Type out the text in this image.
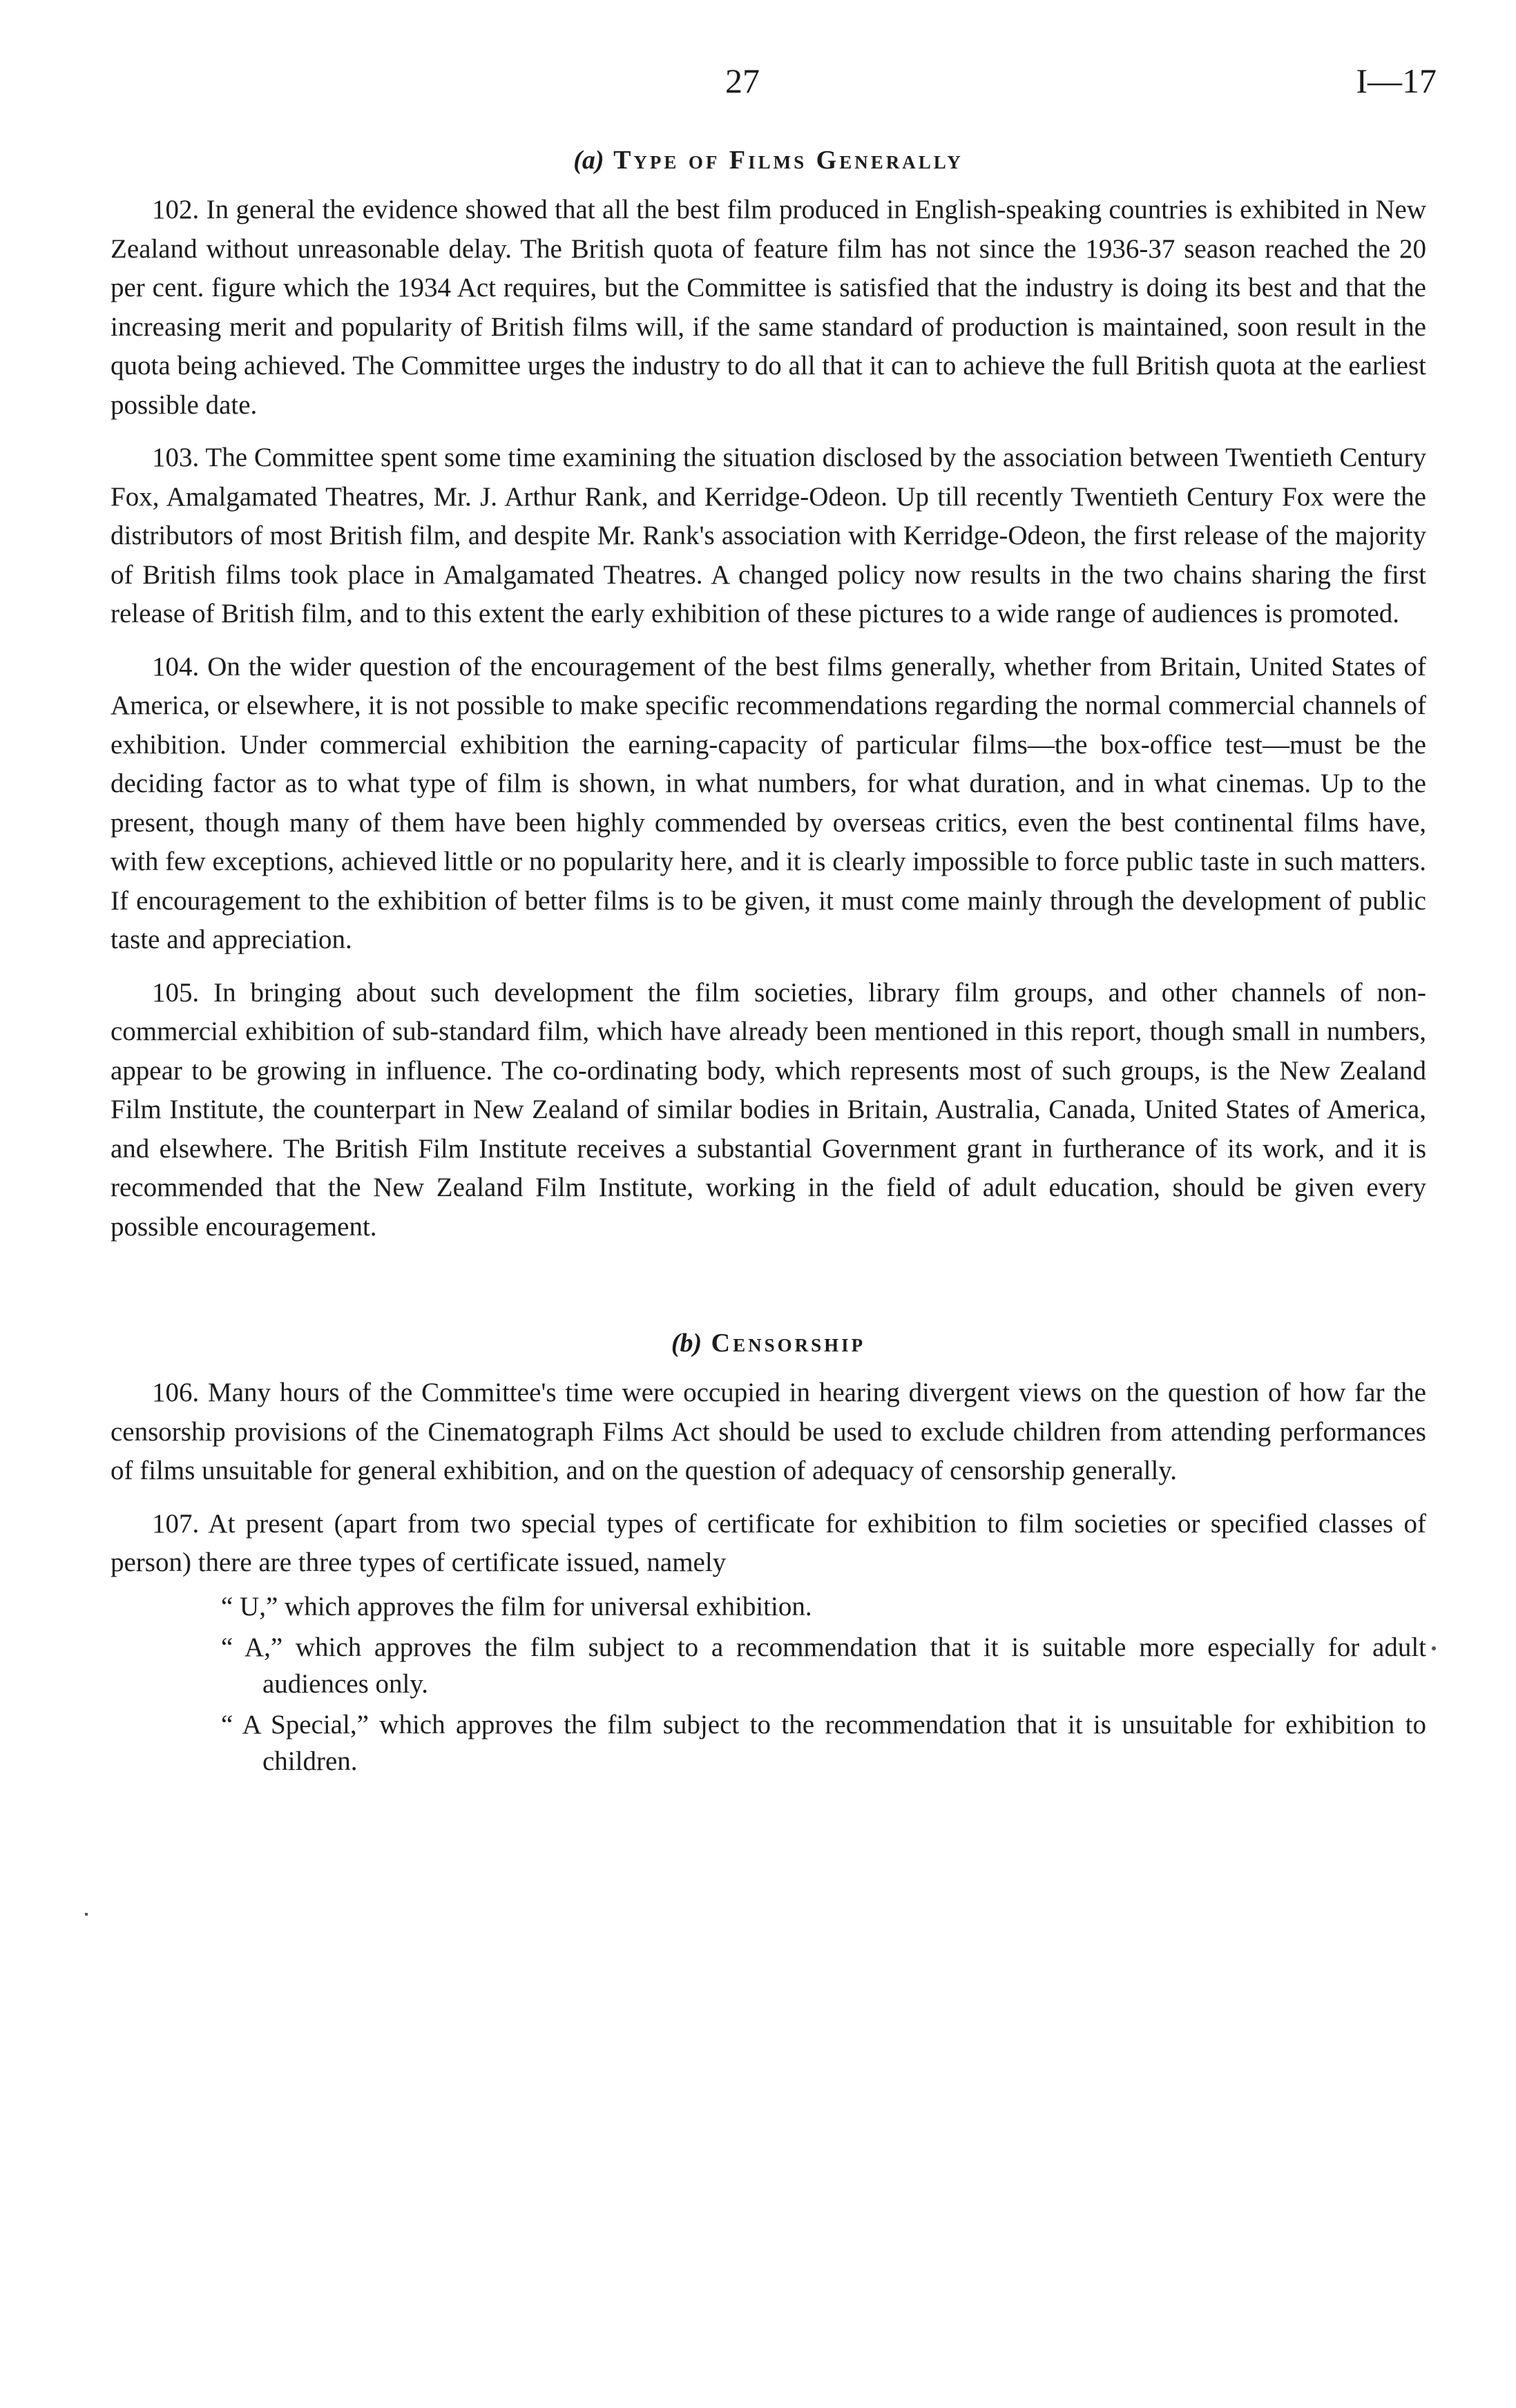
27	I—17
(a) Type of Films Generally

102. In general the evidence showed that all the best film produced in English-speaking countries is exhibited in New Zealand without unreasonable delay. The British quota of feature film has not since the 1936-37 season reached the 20 per cent. figure which the 1934 Act requires, but the Committee is satisfied that the industry is doing its best and that the increasing merit and popularity of British films will, if the same standard of production is maintained, soon result in the quota being achieved. The Committee urges the industry to do all that it can to achieve the full British quota at the earliest possible date.

103. The Committee spent some time examining the situation disclosed by the association between Twentieth Century Fox, Amalgamated Theatres, Mr. J. Arthur Rank, and Kerridge-Odeon. Up till recently Twentieth Century Fox were the distributors of most British film, and despite Mr. Rank's association with Kerridge-Odeon, the first release of the majority of British films took place in Amalgamated Theatres. A changed policy now results in the two chains sharing the first release of British film, and to this extent the early exhibition of these pictures to a wide range of audiences is promoted.

104. On the wider question of the encouragement of the best films generally, whether from Britain, United States of America, or elsewhere, it is not possible to make specific recommendations regarding the normal commercial channels of exhibition. Under commercial exhibition the earning-capacity of particular films—the box-office test—must be the deciding factor as to what type of film is shown, in what numbers, for what duration, and in what cinemas. Up to the present, though many of them have been highly commended by overseas critics, even the best continental films have, with few exceptions, achieved little or no popularity here, and it is clearly impossible to force public taste in such matters. If encouragement to the exhibition of better films is to be given, it must come mainly through the development of public taste and appreciation.

105. In bringing about such development the film societies, library film groups, and other channels of non-commercial exhibition of sub-standard film, which have already been mentioned in this report, though small in numbers, appear to be growing in influence. The co-ordinating body, which represents most of such groups, is the New Zealand Film Institute, the counterpart in New Zealand of similar bodies in Britain, Australia, Canada, United States of America, and elsewhere. The British Film Institute receives a substantial Government grant in furtherance of its work, and it is recommended that the New Zealand Film Institute, working in the field of adult education, should be given every possible encouragement.

(b) Censorship

106. Many hours of the Committee's time were occupied in hearing divergent views on the question of how far the censorship provisions of the Cinematograph Films Act should be used to exclude children from attending performances of films unsuitable for general exhibition, and on the question of adequacy of censorship generally.

107. At present (apart from two special types of certificate for exhibition to film societies or specified classes of person) there are three types of certificate issued, namely

“ U,” which approves the film for universal exhibition.
“ A,” which approves the film subject to a recommendation that it is suitable more especially for adult audiences only.
“ A Special,” which approves the film subject to the recommendation that it is unsuitable for exhibition to children.
